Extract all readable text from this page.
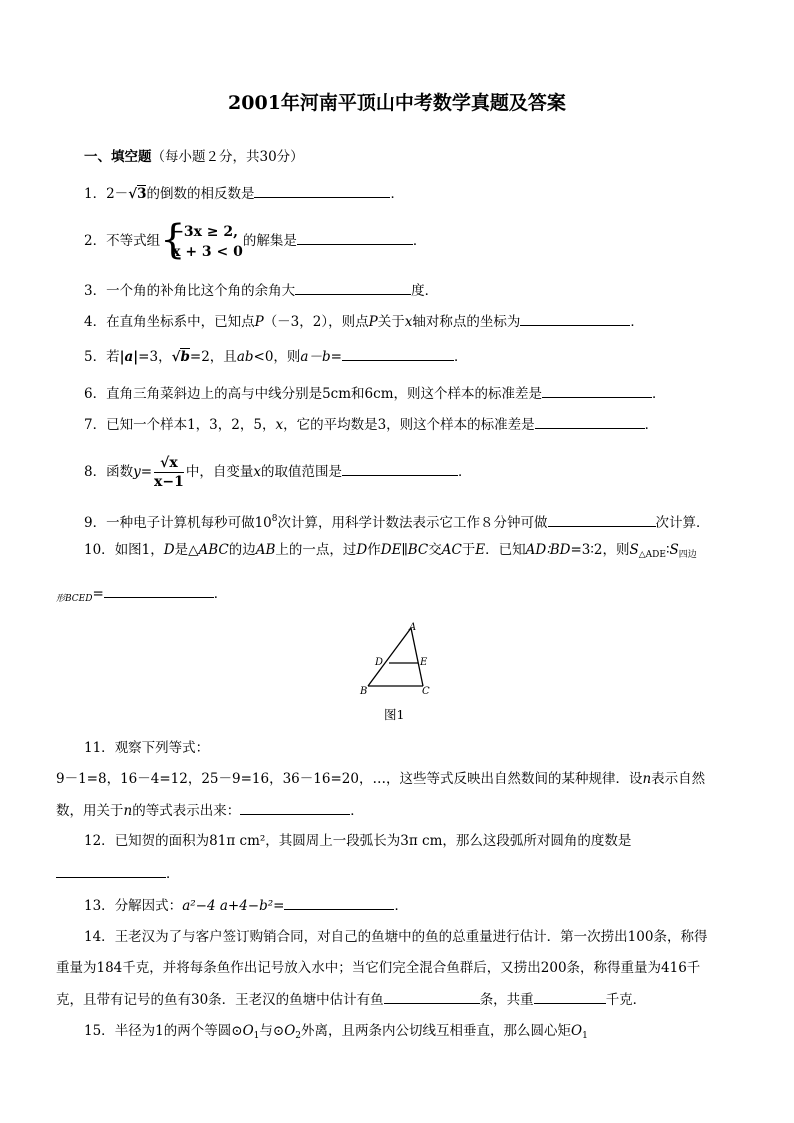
2001年河南平顶山中考数学真题及答案
一、填空题（每小题２分，共30分）
1．2－√3的倒数的相反数是	．
2．不等式组 {
−3x ≥ 2,
x + 3 < 0
的解集是	．
3．一个角的补角比这个角的余角大	度．
4．在直角坐标系中，已知点P（－3，2），则点P关于x轴对称点的坐标为	．
5．若|a|=3，√b=2，且ab<0，则a－b=	．
6．直角三角菜斜边上的高与中线分别是5cm和6cm，则这个样本的标准差是	．
7．已知一个样本1，3，2，5，x，它的平均数是3，则这个样本的标准差是	．
8．函数$y= \frac{√x}{x-1}$ 中，自变量x的取值范围是	．
9．一种电子计算机每秒可做$10^8$次计算，用科学计数法表示它工作８分钟可做	次计算．
10．如图1，D是△ABC的边AB上的一点，过D作DE∥BC交AC于E．已知AD∶BD=3∶2，则$S_{\triangle ADE}∶S_{四边}$
$_{形BCED}$=	．
A
D	E
B	C
图1
11．观察下列等式：
9－1=8，16－4=12，25－9=16，36－16=20，…，这些等式反映出自然数间的某种规律．设n表示自然
数，用关于n的等式表示出来：	．
12．已知贺的面积为81π cm²，其圆周上一段弧长为3π cm，那么这段弧所对圆角的度数是
．
13．分解因式：a²−4 a+4−b²=	．
14．王老汉为了与客户签订购销合同，对自己的鱼塘中的鱼的总重量进行估计．第一次捞出100条，称得
重量为184千克，并将每条鱼作出记号放入水中；当它们完全混合鱼群后，又捞出200条，称得重量为416千
克，且带有记号的鱼有30条．王老汉的鱼塘中估计有鱼	条，共重	千克．
15．半径为1的两个等圆$⊙O_1$与$⊙O_2$外离，且两条内公切线互相垂直，那么圆心矩$O_1$
